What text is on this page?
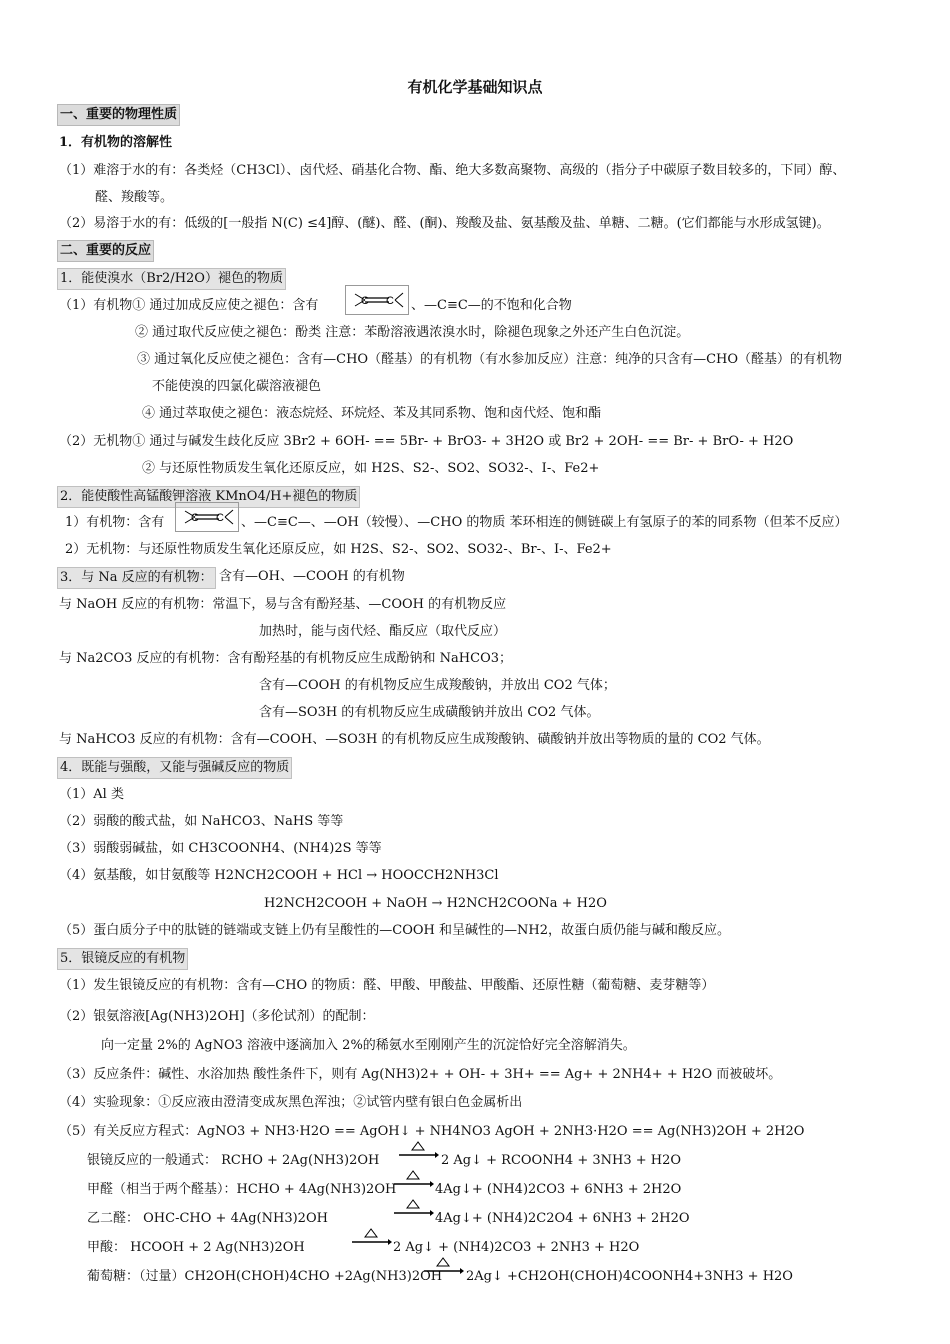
有机化学基础知识点
一、重要的物理性质
1．有机物的溶解性
（1）难溶于水的有：各类烃（CH3Cl）、卤代烃、硝基化合物、酯、绝大多数高聚物、高级的（指分子中碳原子数目较多的，下同）醇、
醛、羧酸等。
（2）易溶于水的有：低级的[一般指 N(C) ≤4]醇、(醚)、醛、(酮)、羧酸及盐、氨基酸及盐、单糖、二糖。(它们都能与水形成氢键)。
二、重要的反应
1．能使溴水（Br2/H2O）褪色的物质
（1）有机物① 通过加成反应使之褪色：含有	C C 、—C≡C—的不饱和化合物
② 通过取代反应使之褪色：酚类 注意：苯酚溶液遇浓溴水时，除褪色现象之外还产生白色沉淀。
③ 通过氧化反应使之褪色：含有—CHO（醛基）的有机物（有水参加反应）注意：纯净的只含有—CHO（醛基）的有机物
不能使溴的四氯化碳溶液褪色
④ 通过萃取使之褪色：液态烷烃、环烷烃、苯及其同系物、饱和卤代烃、饱和酯
（2）无机物① 通过与碱发生歧化反应 3Br2 + 6OH- == 5Br- + BrO3- + 3H2O 或 Br2 + 2OH- == Br- + BrO- + H2O
② 与还原性物质发生氧化还原反应，如 H2S、S2-、SO2、SO32-、I-、Fe2+
2．能使酸性高锰酸钾溶液 KMnO4/H+褪色的物质
1）有机物：含有 C C 、—C≡C—、—OH（较慢）、—CHO 的物质 苯环相连的侧链碳上有氢原子的苯的同系物（但苯不反应）
2）无机物：与还原性物质发生氧化还原反应，如 H2S、S2-、SO2、SO32-、Br-、I-、Fe2+
3．与 Na 反应的有机物： 含有—OH、—COOH 的有机物
与 NaOH 反应的有机物：常温下，易与含有酚羟基、—COOH 的有机物反应
加热时，能与卤代烃、酯反应（取代反应）
与 Na2CO3 反应的有机物：含有酚羟基的有机物反应生成酚钠和 NaHCO3；
含有—COOH 的有机物反应生成羧酸钠，并放出 CO2 气体；
含有—SO3H 的有机物反应生成磺酸钠并放出 CO2 气体。
与 NaHCO3 反应的有机物：含有—COOH、—SO3H 的有机物反应生成羧酸钠、磺酸钠并放出等物质的量的 CO2 气体。
4．既能与强酸，又能与强碱反应的物质
（1）Al 类
（2）弱酸的酸式盐，如 NaHCO3、NaHS 等等
（3）弱酸弱碱盐，如 CH3COONH4、(NH4)2S 等等
（4）氨基酸，如甘氨酸等 H2NCH2COOH + HCl → HOOCCH2NH3Cl
H2NCH2COOH + NaOH → H2NCH2COONa + H2O
（5）蛋白质分子中的肽链的链端或支链上仍有呈酸性的—COOH 和呈碱性的—NH2，故蛋白质仍能与碱和酸反应。
5．银镜反应的有机物
（1）发生银镜反应的有机物：含有—CHO 的物质：醛、甲酸、甲酸盐、甲酸酯、还原性糖（葡萄糖、麦芽糖等）
（2）银氨溶液[Ag(NH3)2OH]（多伦试剂）的配制：
向一定量 2%的 AgNO3 溶液中逐滴加入 2%的稀氨水至刚刚产生的沉淀恰好完全溶解消失。
（3）反应条件：碱性、水浴加热 酸性条件下，则有 Ag(NH3)2+ + OH- + 3H+ == Ag+ + 2NH4+ + H2O 而被破坏。
（4）实验现象：①反应液由澄清变成灰黑色浑浊；②试管内壁有银白色金属析出
（5）有关反应方程式：AgNO3 + NH3·H2O == AgOH↓ + NH4NO3 AgOH + 2NH3·H2O == Ag(NH3)2OH + 2H2O
银镜反应的一般通式： RCHO + 2Ag(NH3)2OH	2 Ag↓ + RCOONH4 + 3NH3 + H2O
甲醛（相当于两个醛基）：HCHO + 4Ag(NH3)2OH	4Ag↓+ (NH4)2CO3 + 6NH3 + 2H2O
乙二醛： OHC-CHO + 4Ag(NH3)2OH	4Ag↓+ (NH4)2C2O4 + 6NH3 + 2H2O
甲酸： HCOOH + 2 Ag(NH3)2OH	2 Ag↓ + (NH4)2CO3 + 2NH3 + H2O
葡萄糖：（过量）CH2OH(CHOH)4CHO +2Ag(NH3)2OH 2Ag↓ +CH2OH(CHOH)4COONH4+3NH3 + H2O
